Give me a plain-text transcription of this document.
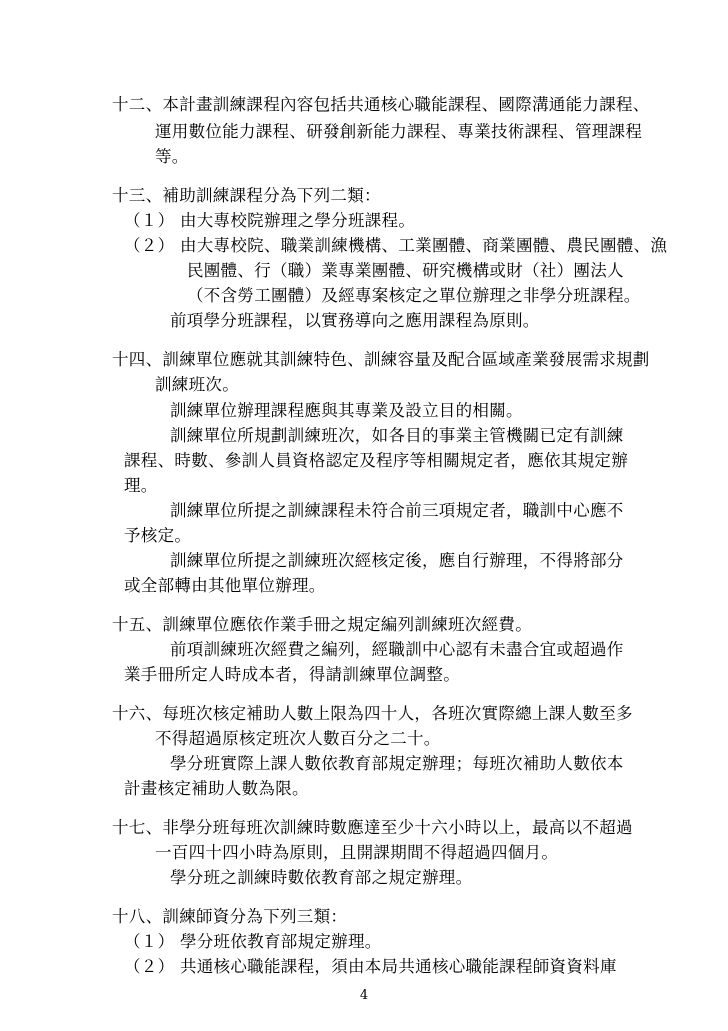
十二、本計畫訓練課程內容包括共通核心職能課程、國際溝通能力課程、
運用數位能力課程、研發創新能力課程、專業技術課程、管理課程
等。
十三、補助訓練課程分為下列二類：
（１） 由大專校院辦理之學分班課程。
（２） 由大專校院、職業訓練機構、工業團體、商業團體、農民團體、漁
民團體、行（職）業專業團體、研究機構或財（社）團法人
（不含勞工團體）及經專案核定之單位辦理之非學分班課程。
前項學分班課程，以實務導向之應用課程為原則。
十四、訓練單位應就其訓練特色、訓練容量及配合區域產業發展需求規劃
訓練班次。
訓練單位辦理課程應與其專業及設立目的相關。
訓練單位所規劃訓練班次，如各目的事業主管機關已定有訓練
課程、時數、參訓人員資格認定及程序等相關規定者，應依其規定辦
理。
訓練單位所提之訓練課程未符合前三項規定者，職訓中心應不
予核定。
訓練單位所提之訓練班次經核定後，應自行辦理，不得將部分
或全部轉由其他單位辦理。
十五、訓練單位應依作業手冊之規定編列訓練班次經費。
前項訓練班次經費之編列，經職訓中心認有未盡合宜或超過作
業手冊所定人時成本者，得請訓練單位調整。
十六、每班次核定補助人數上限為四十人，各班次實際總上課人數至多
不得超過原核定班次人數百分之二十。
學分班實際上課人數依教育部規定辦理；每班次補助人數依本
計畫核定補助人數為限。
十七、非學分班每班次訓練時數應達至少十六小時以上，最高以不超過
一百四十四小時為原則，且開課期間不得超過四個月。
學分班之訓練時數依教育部之規定辦理。
十八、訓練師資分為下列三類：
（１） 學分班依教育部規定辦理。
（２） 共通核心職能課程，須由本局共通核心職能課程師資資料庫
4
